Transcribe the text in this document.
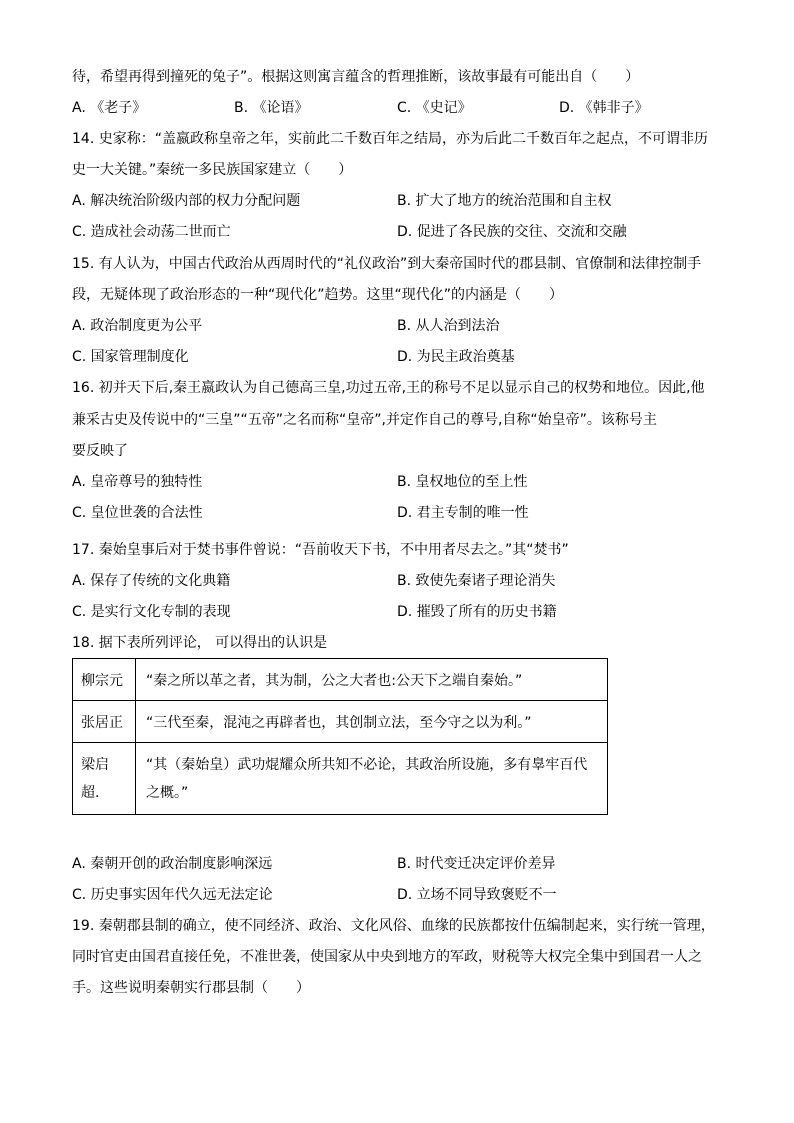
待，希望再得到撞死的兔子”。根据这则寓言蕴含的哲理推断，该故事最有可能出自（　　）
A. 《老子》	B. 《论语》	C. 《史记》	D. 《韩非子》
14. 史家称：“盖嬴政称皇帝之年，实前此二千数百年之结局，亦为后此二千数百年之起点，不可谓非历
史一大关键。”秦统一多民族国家建立（　　）
A. 解决统治阶级内部的权力分配问题	B. 扩大了地方的统治范围和自主权
C. 造成社会动荡二世而亡	D. 促进了各民族的交往、交流和交融
15. 有人认为，中国古代政治从西周时代的“礼仪政治”到大秦帝国时代的郡县制、官僚制和法律控制手
段，无疑体现了政治形态的一种“现代化”趋势。这里“现代化”的内涵是（　　）
A. 政治制度更为公平	B. 从人治到法治
C. 国家管理制度化	D. 为民主政治奠基
16. 初并天下后,秦王嬴政认为自己德高三皇,功过五帝,王的称号不足以显示自己的权势和地位。因此,他
兼采古史及传说中的“三皇”“五帝”之名而称“皇帝”,并定作自己的尊号,自称“始皇帝”。该称号主
要反映了
A. 皇帝尊号的独特性	B. 皇权地位的至上性
C. 皇位世袭的合法性	D. 君主专制的唯一性
17. 秦始皇事后对于焚书事件曾说：“吾前收天下书，不中用者尽去之。”其“焚书”
A. 保存了传统的文化典籍	B. 致使先秦诸子理论消失
C. 是实行文化专制的表现	D. 摧毁了所有的历史书籍
18. 据下表所列评论， 可以得出的认识是
柳宗元	“秦之所以革之者，其为制，公之大者也:公天下之端自秦始。”
张居正	“三代至秦，混沌之再辟者也，其创制立法，至今守之以为利。”
梁启超.	“其（秦始皇）武功焜耀众所共知不必论，其政治所设施，多有辠牢百代
之概。”
A. 秦朝开创的政治制度影响深远	B. 时代变迁决定评价差异
C. 历史事实因年代久远无法定论	D. 立场不同导致褒贬不一
19. 秦朝郡县制的确立，使不同经济、政治、文化风俗、血缘的民族都按什伍编制起来，实行统一管理，
同时官吏由国君直接任免，不准世袭，使国家从中央到地方的军政，财税等大权完全集中到国君一人之
手。这些说明秦朝实行郡县制（　　）
